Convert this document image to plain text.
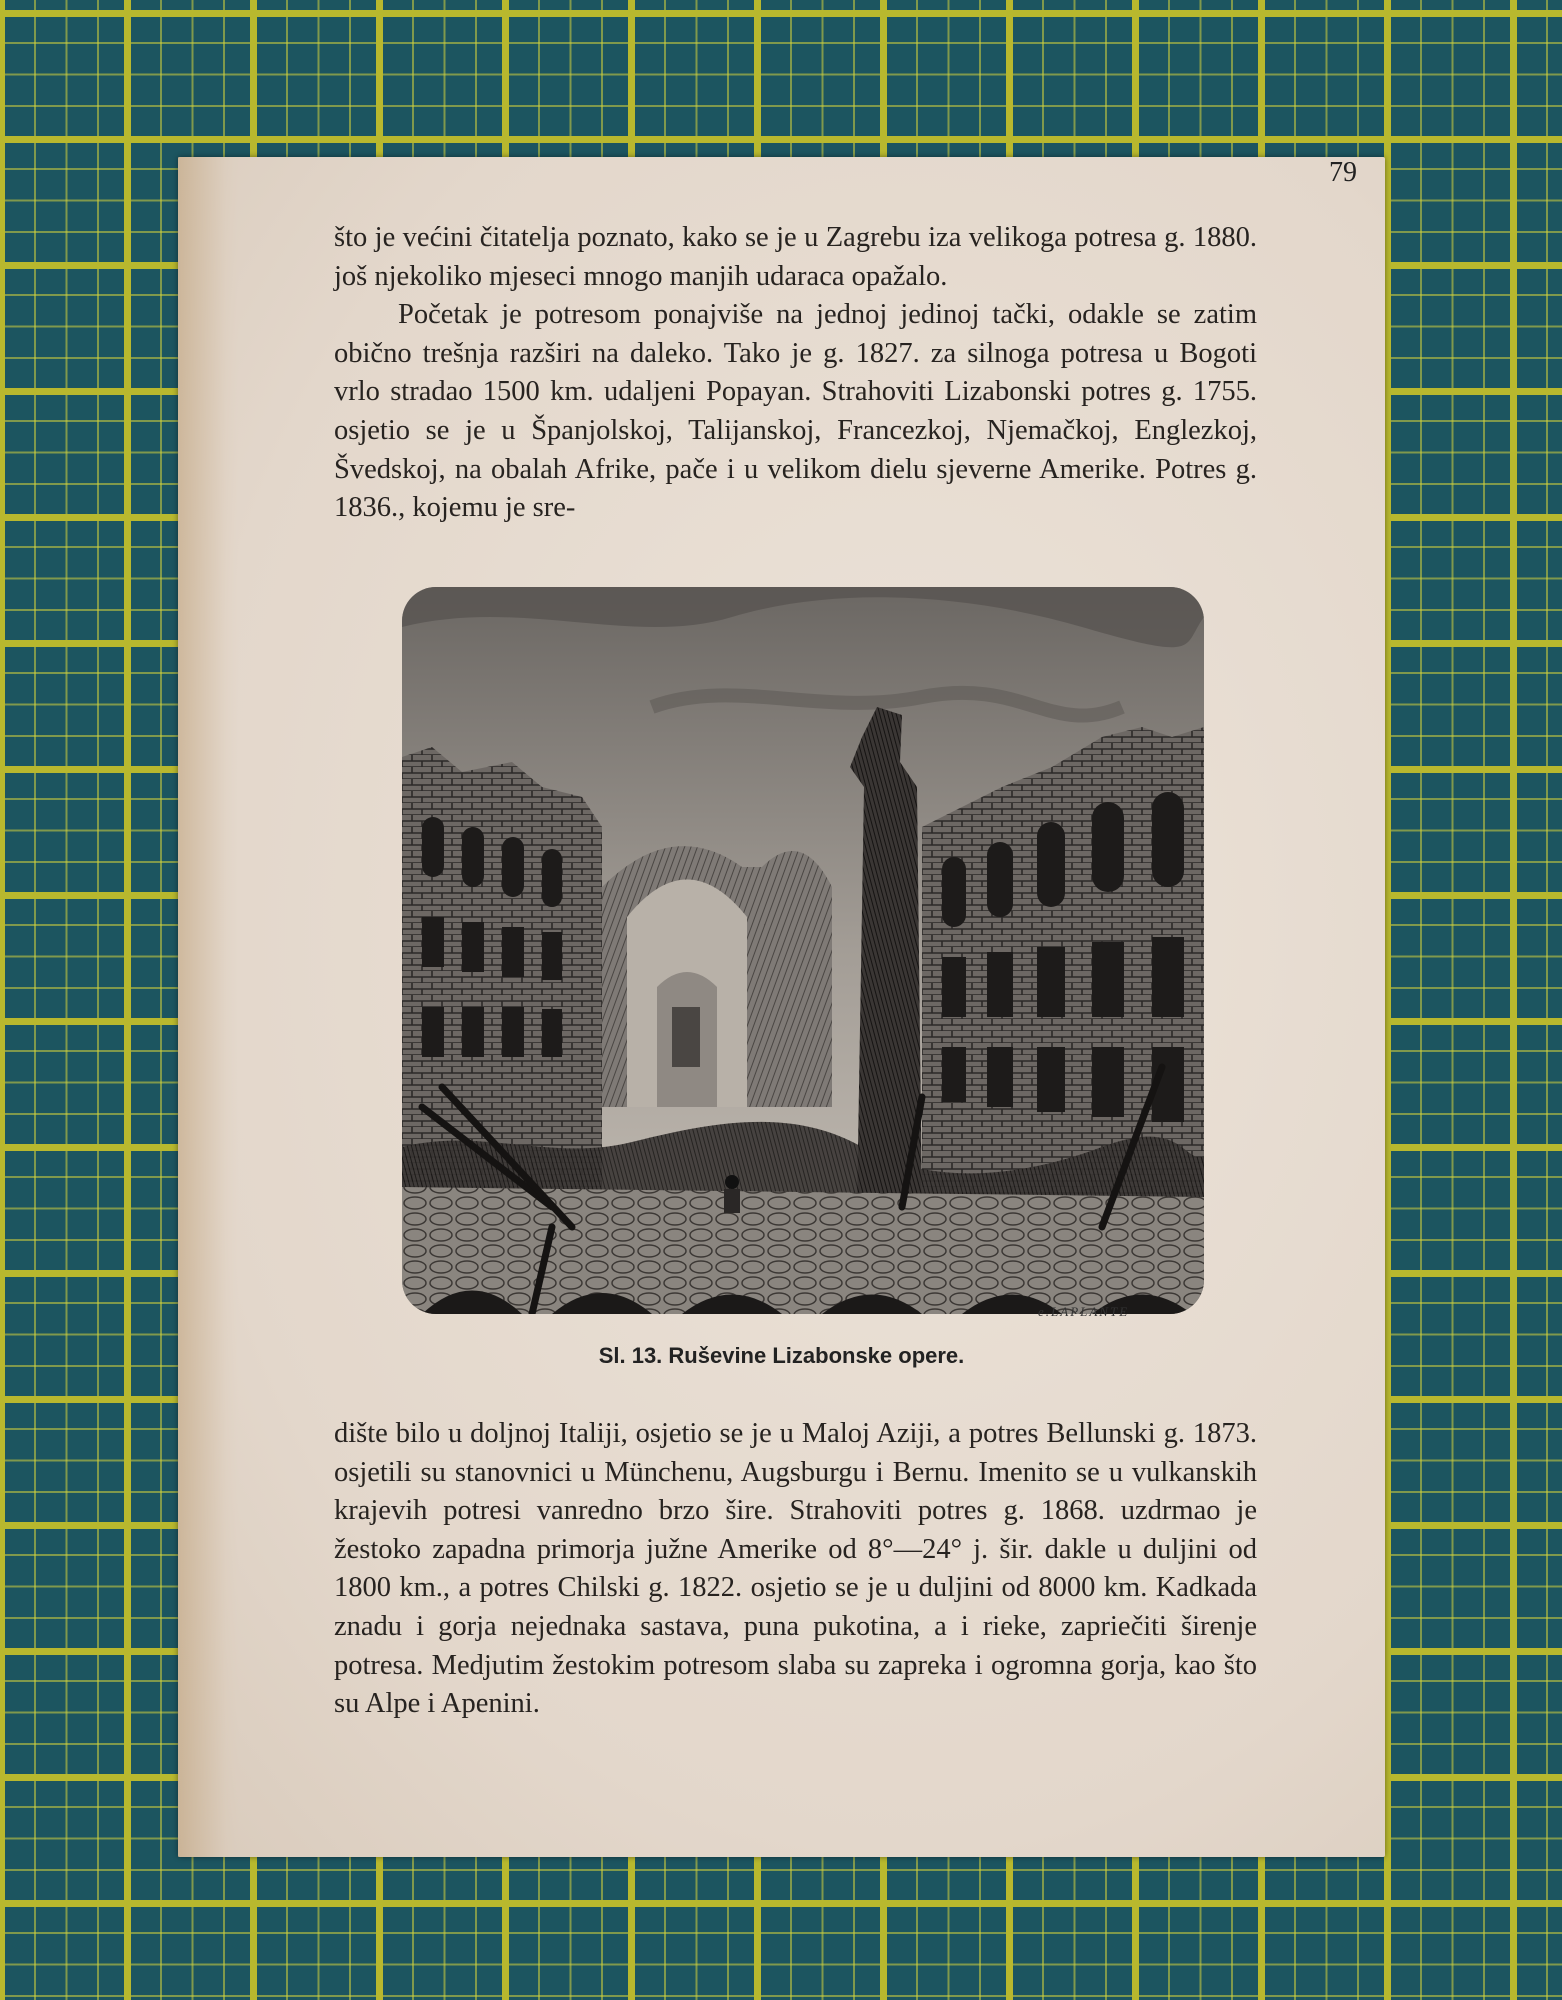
79

što je većini čitatelja poznato, kako se je u Zagrebu iza velikoga potresa g. 1880. još njekoliko mjeseci mnogo manjih udaraca opažalo.

Početak je potresom ponajviše na jednoj jedinoj tački, odakle se zatim obično trešnja razširi na daleko. Tako je g. 1827. za silnoga potresa u Bogoti vrlo stradao 1500 km. udaljeni Popayan. Strahoviti Lizabonski potres g. 1755. osjetio se je u Španjolskoj, Talijanskoj, Francezkoj, Njemačkoj, Englezkoj, Švedskoj, na obalah Afrike, pače i u velikom dielu sjeverne Amerike. Potres g. 1836., kojemu je sre-

e.LAPLANTE
Sl. 13. Ruševine Lizabonske opere.

dište bilo u doljnoj Italiji, osjetio se je u Maloj Aziji, a potres Bellunski g. 1873. osjetili su stanovnici u Münchenu, Augsburgu i Bernu. Imenito se u vulkanskih krajevih potresi vanredno brzo šire. Strahoviti potres g. 1868. uzdrmao je žestoko zapadna primorja južne Amerike od 8°—24° j. šir. dakle u duljini od 1800 km., a potres Chilski g. 1822. osjetio se je u duljini od 8000 km. Kadkada znadu i gorja nejednaka sastava, puna pukotina, a i rieke, zapriečiti širenje potresa. Medjutim žestokim potresom slaba su zapreka i ogromna gorja, kao što su Alpe i Apenini.
